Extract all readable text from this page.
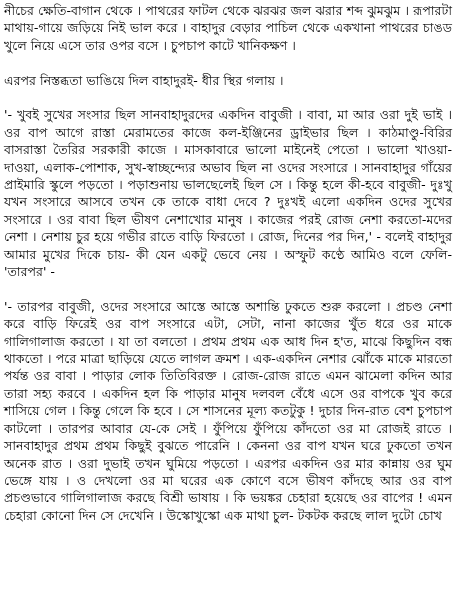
নীচের ক্ষেতি-বাগান থেকে । পাথরের ফাটল থেকে ঝরঝর জল ঝরার শব্দ ঝুমঝুম । রূপারটা মাথায়-গায়ে জড়িয়ে নিই ভাল করে । বাহাদুর বেড়ার পাচিল থেকে একখানা পাথরের চাঙড খুলে নিয়ে এসে তার ওপর বসে । চুপচাপ কাটে খানিকক্ষণ ।

এরপর নিস্তব্ধতা ভাঙিয়ে দিল বাহাদুরই- ধীর স্থির গলায় ।

'- খুবই সুখের সংসার ছিল সানবাহাদুরদের একদিন বাবুজী । বাবা, মা আর ওরা দুই ভাই । ওর বাপ আগে রাস্তা মেরামতের কাজে কল-ইঞ্জিনের ড্রাইভার ছিল । কাঠমাণ্ডু-বিরির বাসরাস্তা তৈরির সরকারী কাজে । মাসকাবারে ভালো মাইনেই পেতো । ভালো খাওয়া-দাওয়া, এলাক-পোশাক, সুখ-স্বাচ্ছন্দ্যের অভাব ছিল না ওদের সংসারে । সানবাহাদুর গাঁয়ের প্রাইমারি স্কুলে পড়তো । পড়াশুনায় ভালছেলেই ছিল সে । কিন্তু হলে কী-হবে বাবুজী- দুঃখু যখন সংসারে আসবে তখন কে তাকে বাধা দেবে ? দুঃখই এলো একদিন ওদের সুখের সংসারে । ওর বাবা ছিল ভীষণ নেশাখোর মানুষ । কাজের পরই রোজ নেশা করতো-মদের নেশা । নেশায় চুর হয়ে গভীর রাতে বাড়ি ফিরতো । রোজ, দিনের পর দিন,' - বলেই বাহাদুর আমার মুখের দিকে চায়- কী যেন একটু ভেবে নেয় । অস্ফুট কণ্ঠে আমিও বলে ফেলি-'তারপর' -

'- তারপর বাবুজী, ওদের সংসারে আস্তে আস্তে অশান্তি ঢুকতে শুরু করলো । প্রচণ্ড নেশা করে বাড়ি ফিরেই ওর বাপ সংসারে এটা, সেটা, নানা কাজের খুঁত ধরে ওর মাকে গালিগালাজ করতো । যা তা বলতো । প্রথম প্রথম এক আধ দিন হ'ত, মাঝে কিছুদিন বন্ধ থাকতো । পরে মাত্রা ছাড়িয়ে যেতে লাগল ক্রমশ । এক-একদিন নেশার ঝোঁকে মাকে মারতো পর্যন্ত ওর বাবা । পাড়ার লোক তিতিবিরক্ত । রোজ-রোজ রাতে এমন ঝামেলা কদিন আর তারা সহ্য করবে । একদিন হল কি পাড়ার মানুষ দলবল বেঁধে এসে ওর বাপকে খুব করে শাসিয়ে গেল । কিন্তু গেলে কি হবে । সে শাসনের মূল্য কতটুকু ! দুচার দিন-রাত বেশ চুপচাপ কাটলো । তারপর আবার যে-কে সেই । ফুঁপিয়ে ফুঁপিয়ে কাঁদতো ওর মা রোজই রাতে । সানবাহাদুর প্রথম প্রথম কিছুই বুঝতে পারেনি । কেননা ওর বাপ যখন ঘরে ঢুকতো তখন অনেক রাত । ওরা দুভাই তখন ঘুমিয়ে পড়তো । এরপর একদিন ওর মার কান্নায় ওর ঘুম ভেঙ্গে যায় । ও দেখলো ওর মা ঘরের এক কোণে বসে ভীষণ কাঁদছে আর ওর বাপ প্রচণ্ডভাবে গালিগালাজ করছে বিশ্রী ভাষায় । কি ভয়ঙ্কর চেহারা হয়েছে ওর বাপের ! এমন চেহারা কোনো দিন সে দেখেনি । উস্কোখুস্কো এক মাথা চুল- টকটক করছে লাল দুটো চোখ
